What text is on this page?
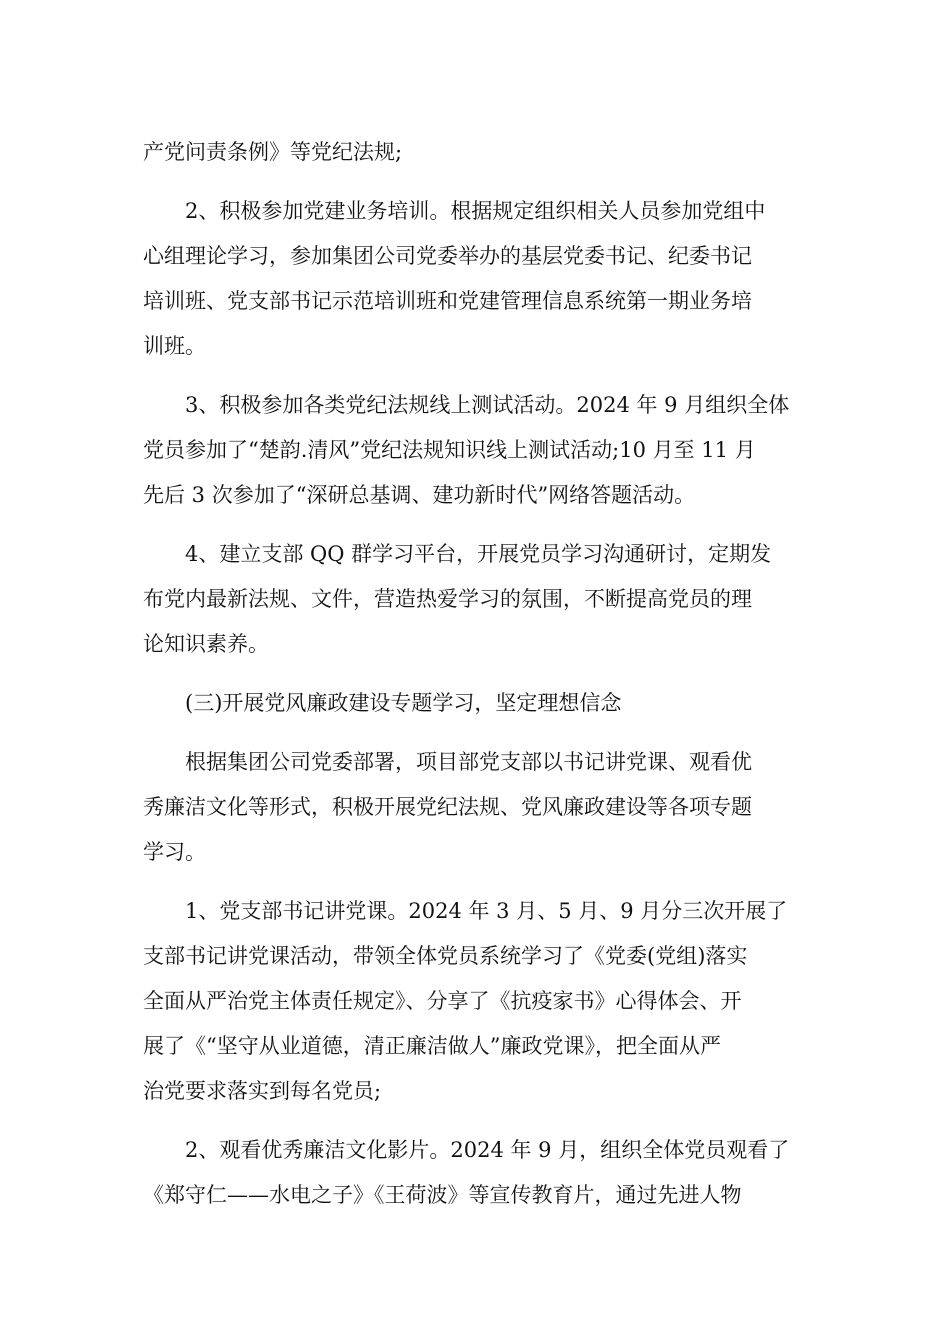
产党问责条例》等党纪法规;
2、积极参加党建业务培训。根据规定组织相关人员参加党组中
心组理论学习，参加集团公司党委举办的基层党委书记、纪委书记
培训班、党支部书记示范培训班和党建管理信息系统第一期业务培
训班。
3、积极参加各类党纪法规线上测试活动。2024 年 9 月组织全体
党员参加了“楚韵.清风”党纪法规知识线上测试活动;10 月至 11 月
先后 3 次参加了“深研总基调、建功新时代”网络答题活动。
4、建立支部 QQ 群学习平台，开展党员学习沟通研讨，定期发
布党内最新法规、文件，营造热爱学习的氛围，不断提高党员的理
论知识素养。
(三)开展党风廉政建设专题学习，坚定理想信念
根据集团公司党委部署，项目部党支部以书记讲党课、观看优
秀廉洁文化等形式，积极开展党纪法规、党风廉政建设等各项专题
学习。
1、党支部书记讲党课。2024 年 3 月、5 月、9 月分三次开展了
支部书记讲党课活动，带领全体党员系统学习了《党委(党组)落实
全面从严治党主体责任规定》、分享了《抗疫家书》心得体会、开
展了《“坚守从业道德，清正廉洁做人”廉政党课》，把全面从严
治党要求落实到每名党员;
2、观看优秀廉洁文化影片。2024 年 9 月，组织全体党员观看了
《郑守仁——水电之子》《王荷波》等宣传教育片，通过先进人物
